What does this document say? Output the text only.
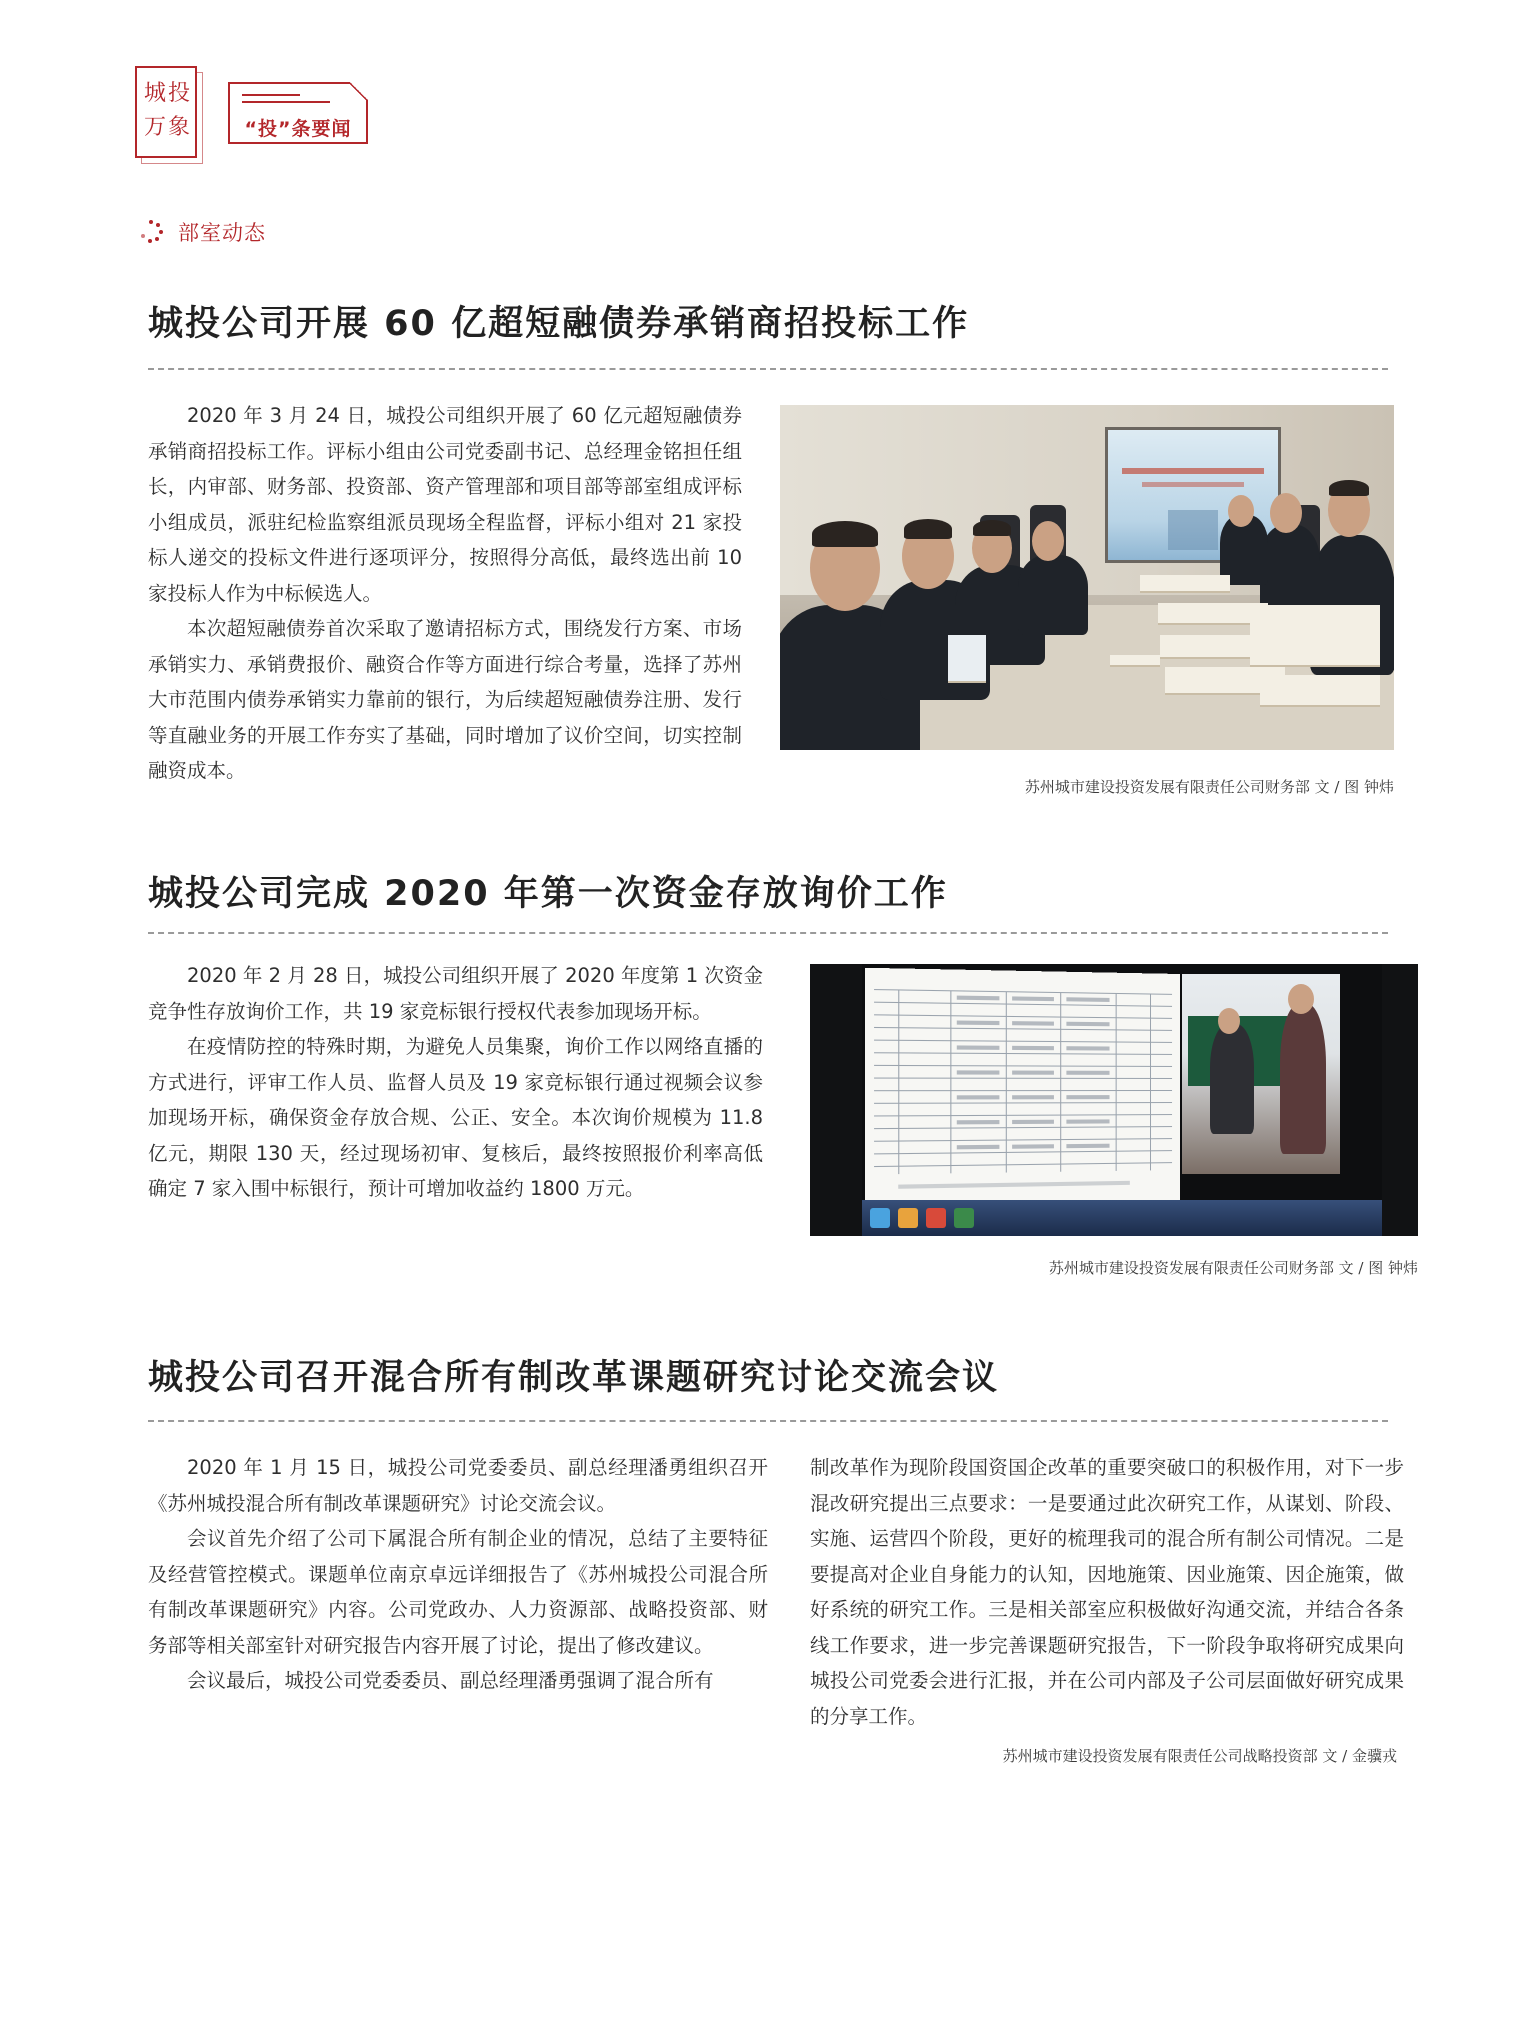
城 投
万 象	“投”条要闻
部室动态
城投公司开展 60 亿超短融债券承销商招投标工作

2020 年 3 月 24 日，城投公司组织开展了 60 亿元超短融债券承销商招投标工作。评标小组由公司党委副书记、总经理金铭担任组长，内审部、财务部、投资部、资产管理部和项目部等部室组成评标小组成员，派驻纪检监察组派员现场全程监督，评标小组对 21 家投标人递交的投标文件进行逐项评分，按照得分高低，最终选出前 10 家投标人作为中标候选人。

本次超短融债券首次采取了邀请招标方式，围绕发行方案、市场承销实力、承销费报价、融资合作等方面进行综合考量，选择了苏州大市范围内债券承销实力靠前的银行，为后续超短融债券注册、发行等直融业务的开展工作夯实了基础，同时增加了议价空间，切实控制融资成本。

苏州城市建设投资发展有限责任公司财务部 文 / 图 钟炜
城投公司完成 2020 年第一次资金存放询价工作

2020 年 2 月 28 日，城投公司组织开展了 2020 年度第 1 次资金竞争性存放询价工作，共 19 家竞标银行授权代表参加现场开标。

在疫情防控的特殊时期，为避免人员集聚，询价工作以网络直播的方式进行，评审工作人员、监督人员及 19 家竞标银行通过视频会议参加现场开标，确保资金存放合规、公正、安全。本次询价规模为 11.8 亿元，期限 130 天，经过现场初审、复核后，最终按照报价利率高低确定 7 家入围中标银行，预计可增加收益约 1800 万元。

苏州城市建设投资发展有限责任公司财务部 文 / 图 钟炜
城投公司召开混合所有制改革课题研究讨论交流会议

2020 年 1 月 15 日，城投公司党委委员、副总经理潘勇组织召开《苏州城投混合所有制改革课题研究》讨论交流会议。

会议首先介绍了公司下属混合所有制企业的情况，总结了主要特征及经营管控模式。课题单位南京卓远详细报告了《苏州城投公司混合所有制改革课题研究》内容。公司党政办、人力资源部、战略投资部、财务部等相关部室针对研究报告内容开展了讨论，提出了修改建议。

会议最后，城投公司党委委员、副总经理潘勇强调了混合所有

制改革作为现阶段国资国企改革的重要突破口的积极作用，对下一步混改研究提出三点要求：一是要通过此次研究工作，从谋划、阶段、实施、运营四个阶段，更好的梳理我司的混合所有制公司情况。二是要提高对企业自身能力的认知，因地施策、因业施策、因企施策，做好系统的研究工作。三是相关部室应积极做好沟通交流，并结合各条线工作要求，进一步完善课题研究报告，下一阶段争取将研究成果向城投公司党委会进行汇报，并在公司内部及子公司层面做好研究成果的分享工作。

苏州城市建设投资发展有限责任公司战略投资部 文 / 金骥戎
